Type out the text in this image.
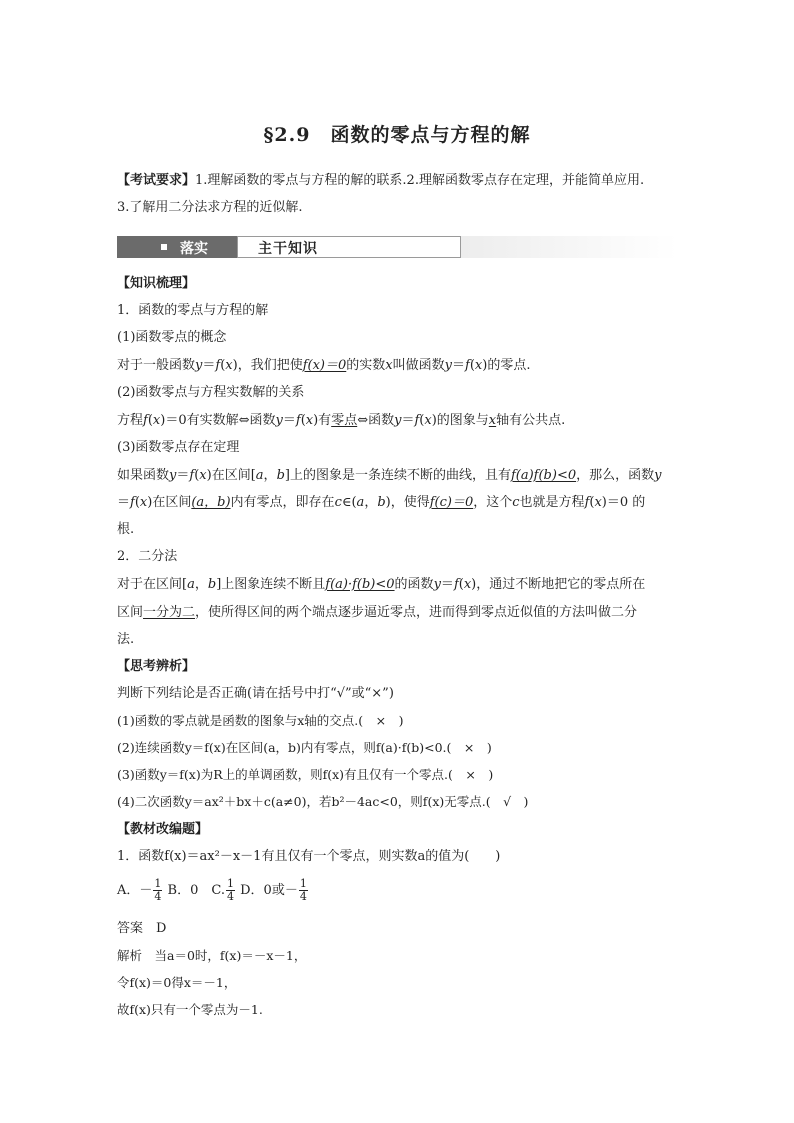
§2.9　函数的零点与方程的解
【考试要求】1.理解函数的零点与方程的解的联系.2.理解函数零点存在定理，并能简单应用.
3.了解用二分法求方程的近似解.
落实	主干知识
【知识梳理】
1．函数的零点与方程的解
(1)函数零点的概念
对于一般函数y＝f(x)，我们把使f(x)＝0的实数x叫做函数y＝f(x)的零点.
(2)函数零点与方程实数解的关系
方程f(x)＝0有实数解⇔函数y＝f(x)有零点⇔函数y＝f(x)的图象与x轴有公共点.
(3)函数零点存在定理
如果函数y＝f(x)在区间[a，b]上的图象是一条连续不断的曲线，且有f(a)f(b)<0，那么，函数y
＝f(x)在区间(a，b)内有零点，即存在c∈(a，b)，使得f(c)＝0，这个c也就是方程f(x)＝0 的
根.
2．二分法
对于在区间[a，b]上图象连续不断且f(a)·f(b)<0的函数y＝f(x)，通过不断地把它的零点所在
区间一分为二，使所得区间的两个端点逐步逼近零点，进而得到零点近似值的方法叫做二分
法.
【思考辨析】
判断下列结论是否正确(请在括号中打“√”或“×”)
(1)函数的零点就是函数的图象与x轴的交点.(　×　)
(2)连续函数y＝f(x)在区间(a，b)内有零点，则f(a)·f(b)<0.(　×　)
(3)函数y＝f(x)为R上的单调函数，则f(x)有且仅有一个零点.(　×　)
(4)二次函数y＝ax²＋bx＋c(a≠0)，若b²－4ac<0，则f(x)无零点.(　√　)
【教材改编题】
1．函数f(x)＝ax²－x－1有且仅有一个零点，则实数a的值为(　　)
A．－ $\frac{1}{4}$ B．0　C. $\frac{1}{4}$ D．0或－ $\frac{1}{4}$
答案　D
解析　当a＝0时，f(x)＝－x－1，
令f(x)＝0得x＝－1，
故f(x)只有一个零点为－1.
